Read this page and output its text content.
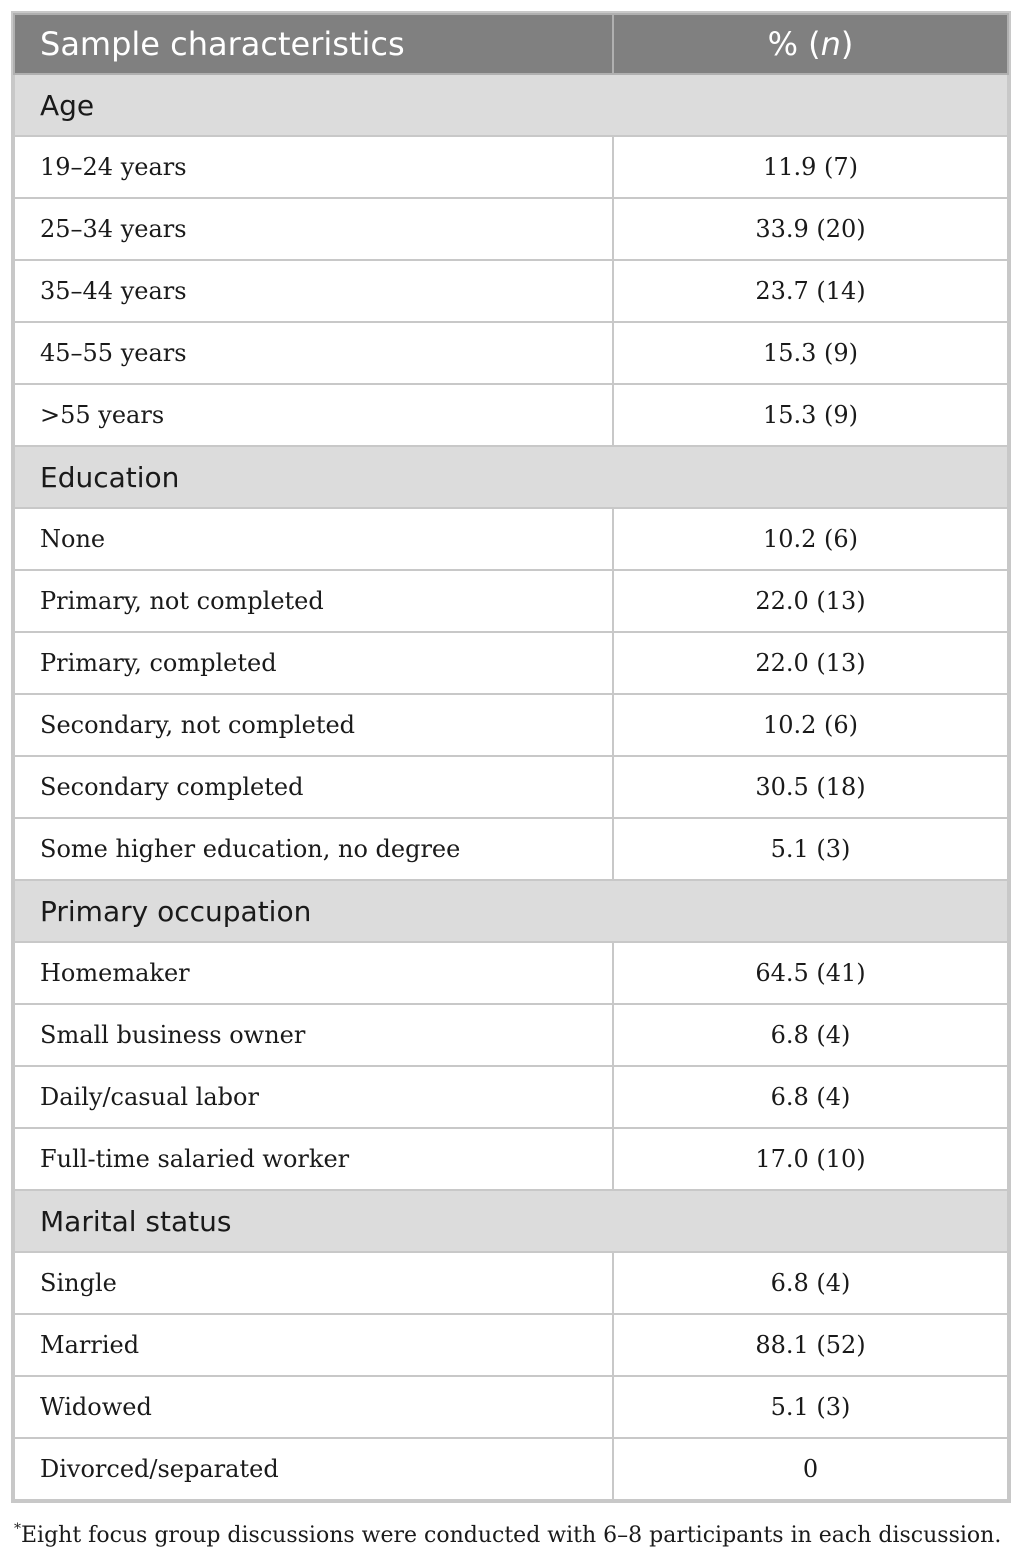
Sample characteristics	% (n)
Age	
19–24 years	11.9 (7)
25–34 years	33.9 (20)
35–44 years	23.7 (14)
45–55 years	15.3 (9)
>55 years	15.3 (9)
Education	
None	10.2 (6)
Primary, not completed	22.0 (13)
Primary, completed	22.0 (13)
Secondary, not completed	10.2 (6)
Secondary completed	30.5 (18)
Some higher education, no degree	5.1 (3)
Primary occupation	
Homemaker	64.5 (41)
Small business owner	6.8 (4)
Daily/casual labor	6.8 (4)
Full-time salaried worker	17.0 (10)
Marital status	
Single	6.8 (4)
Married	88.1 (52)
Widowed	5.1 (3)
Divorced/separated	0
*Eight focus group discussions were conducted with 6–8 participants in each discussion.
